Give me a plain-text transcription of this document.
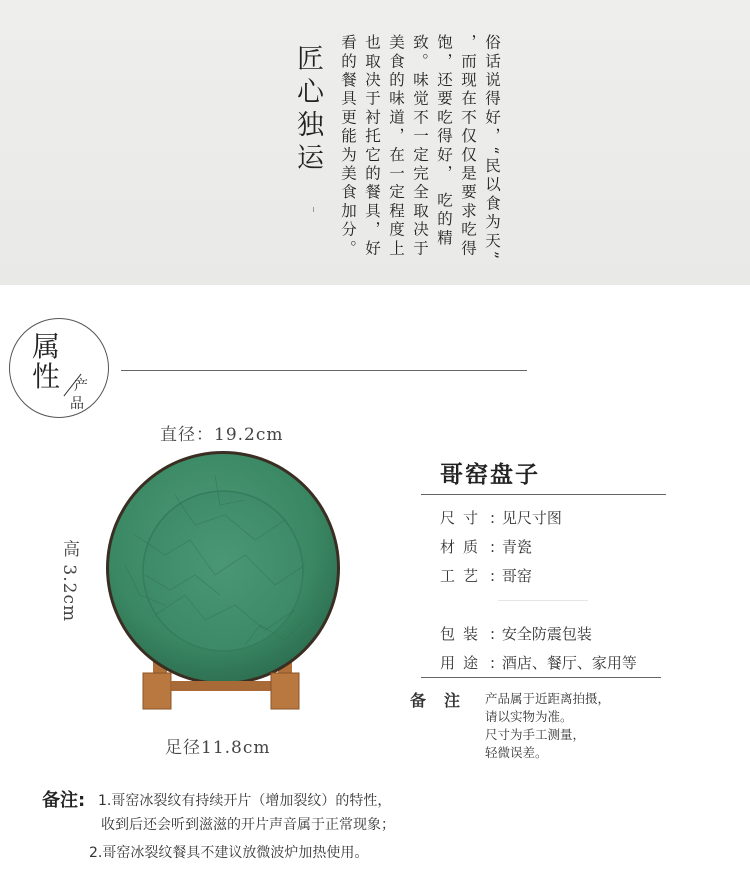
匠心独运	俗话说得好，“民以食为天”
，而现在不仅仅是要求吃得
饱，还要吃得好， 吃的精
致。味觉不一定完全取决于
美食的味道，在一定程度上
也取决于衬托它的餐具，好
看的餐具更能为美食加分。
属
性 产
品
直径：19.2cm
高 3.2cm
足径11.8cm
哥窑盘子
尺寸 : 见尺寸图
材质 : 青瓷
工艺 : 哥窑
包装 : 安全防震包装
用途 : 酒店、餐厅、家用等
备注 产品属于近距离拍摄，
请以实物为准。
尺寸为手工测量，
轻微误差。
备注: 1.哥窑冰裂纹有持续开片（增加裂纹）的特性，
收到后还会听到滋滋的开片声音属于正常现象；
2.哥窑冰裂纹餐具不建议放微波炉加热使用。
